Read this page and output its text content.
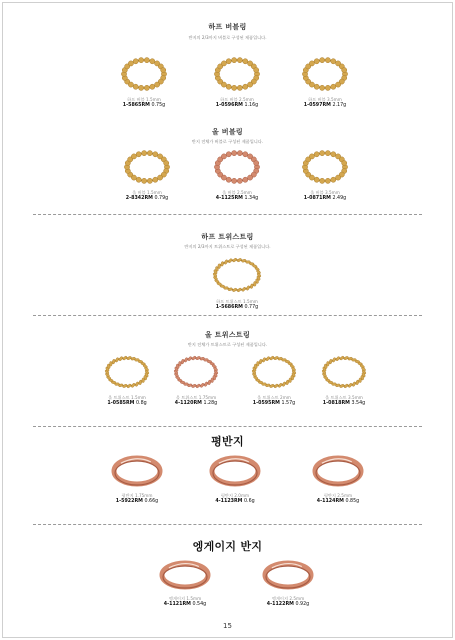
하프 버블링
반지의 2/3까지 버블로 구성된 제품입니다.
하프 버블 1.5mm
1-5865RM 0.75g
하프 버블 2.5mm
1-0596RM 1.16g
하프 버블 3.5mm
1-0597RM 2.17g
올 버블링
반지 전체가 버블로 구성된 제품입니다.
올 버블 1.5mm
2-8342RM 0.79g
올 버블 2.5mm
4-1125RM 1.34g
올 버블 3.5mm
1-0871RM 2.49g
하프 트위스트링
반지의 2/3까지 트위스트로 구성된 제품입니다.
하프 트위스트 1.5mm
1-5686RM 0.77g
올 트위스트링
반지 전체가 트위스트로 구성된 제품입니다.
올 트위스트 1.5mm
1-0585RM 0.8g
올 트위스트 1.75mm
4-1120RM 1.28g
올 트위스트 2mm
1-0595RM 1.57g
올 트위스트 3.5mm
1-0818RM 3.54g
평반지
평반지 1.75mm
1-5922RM 0.66g
평반지 2.0mm
4-1123RM 0.6g
평반지 2.5mm
4-1124RM 0.85g
엥게이지 반지
엥게이지 1.5mm
4-1121RM 0.54g
엥게이지 2.5mm
4-1122RM 0.92g
15
